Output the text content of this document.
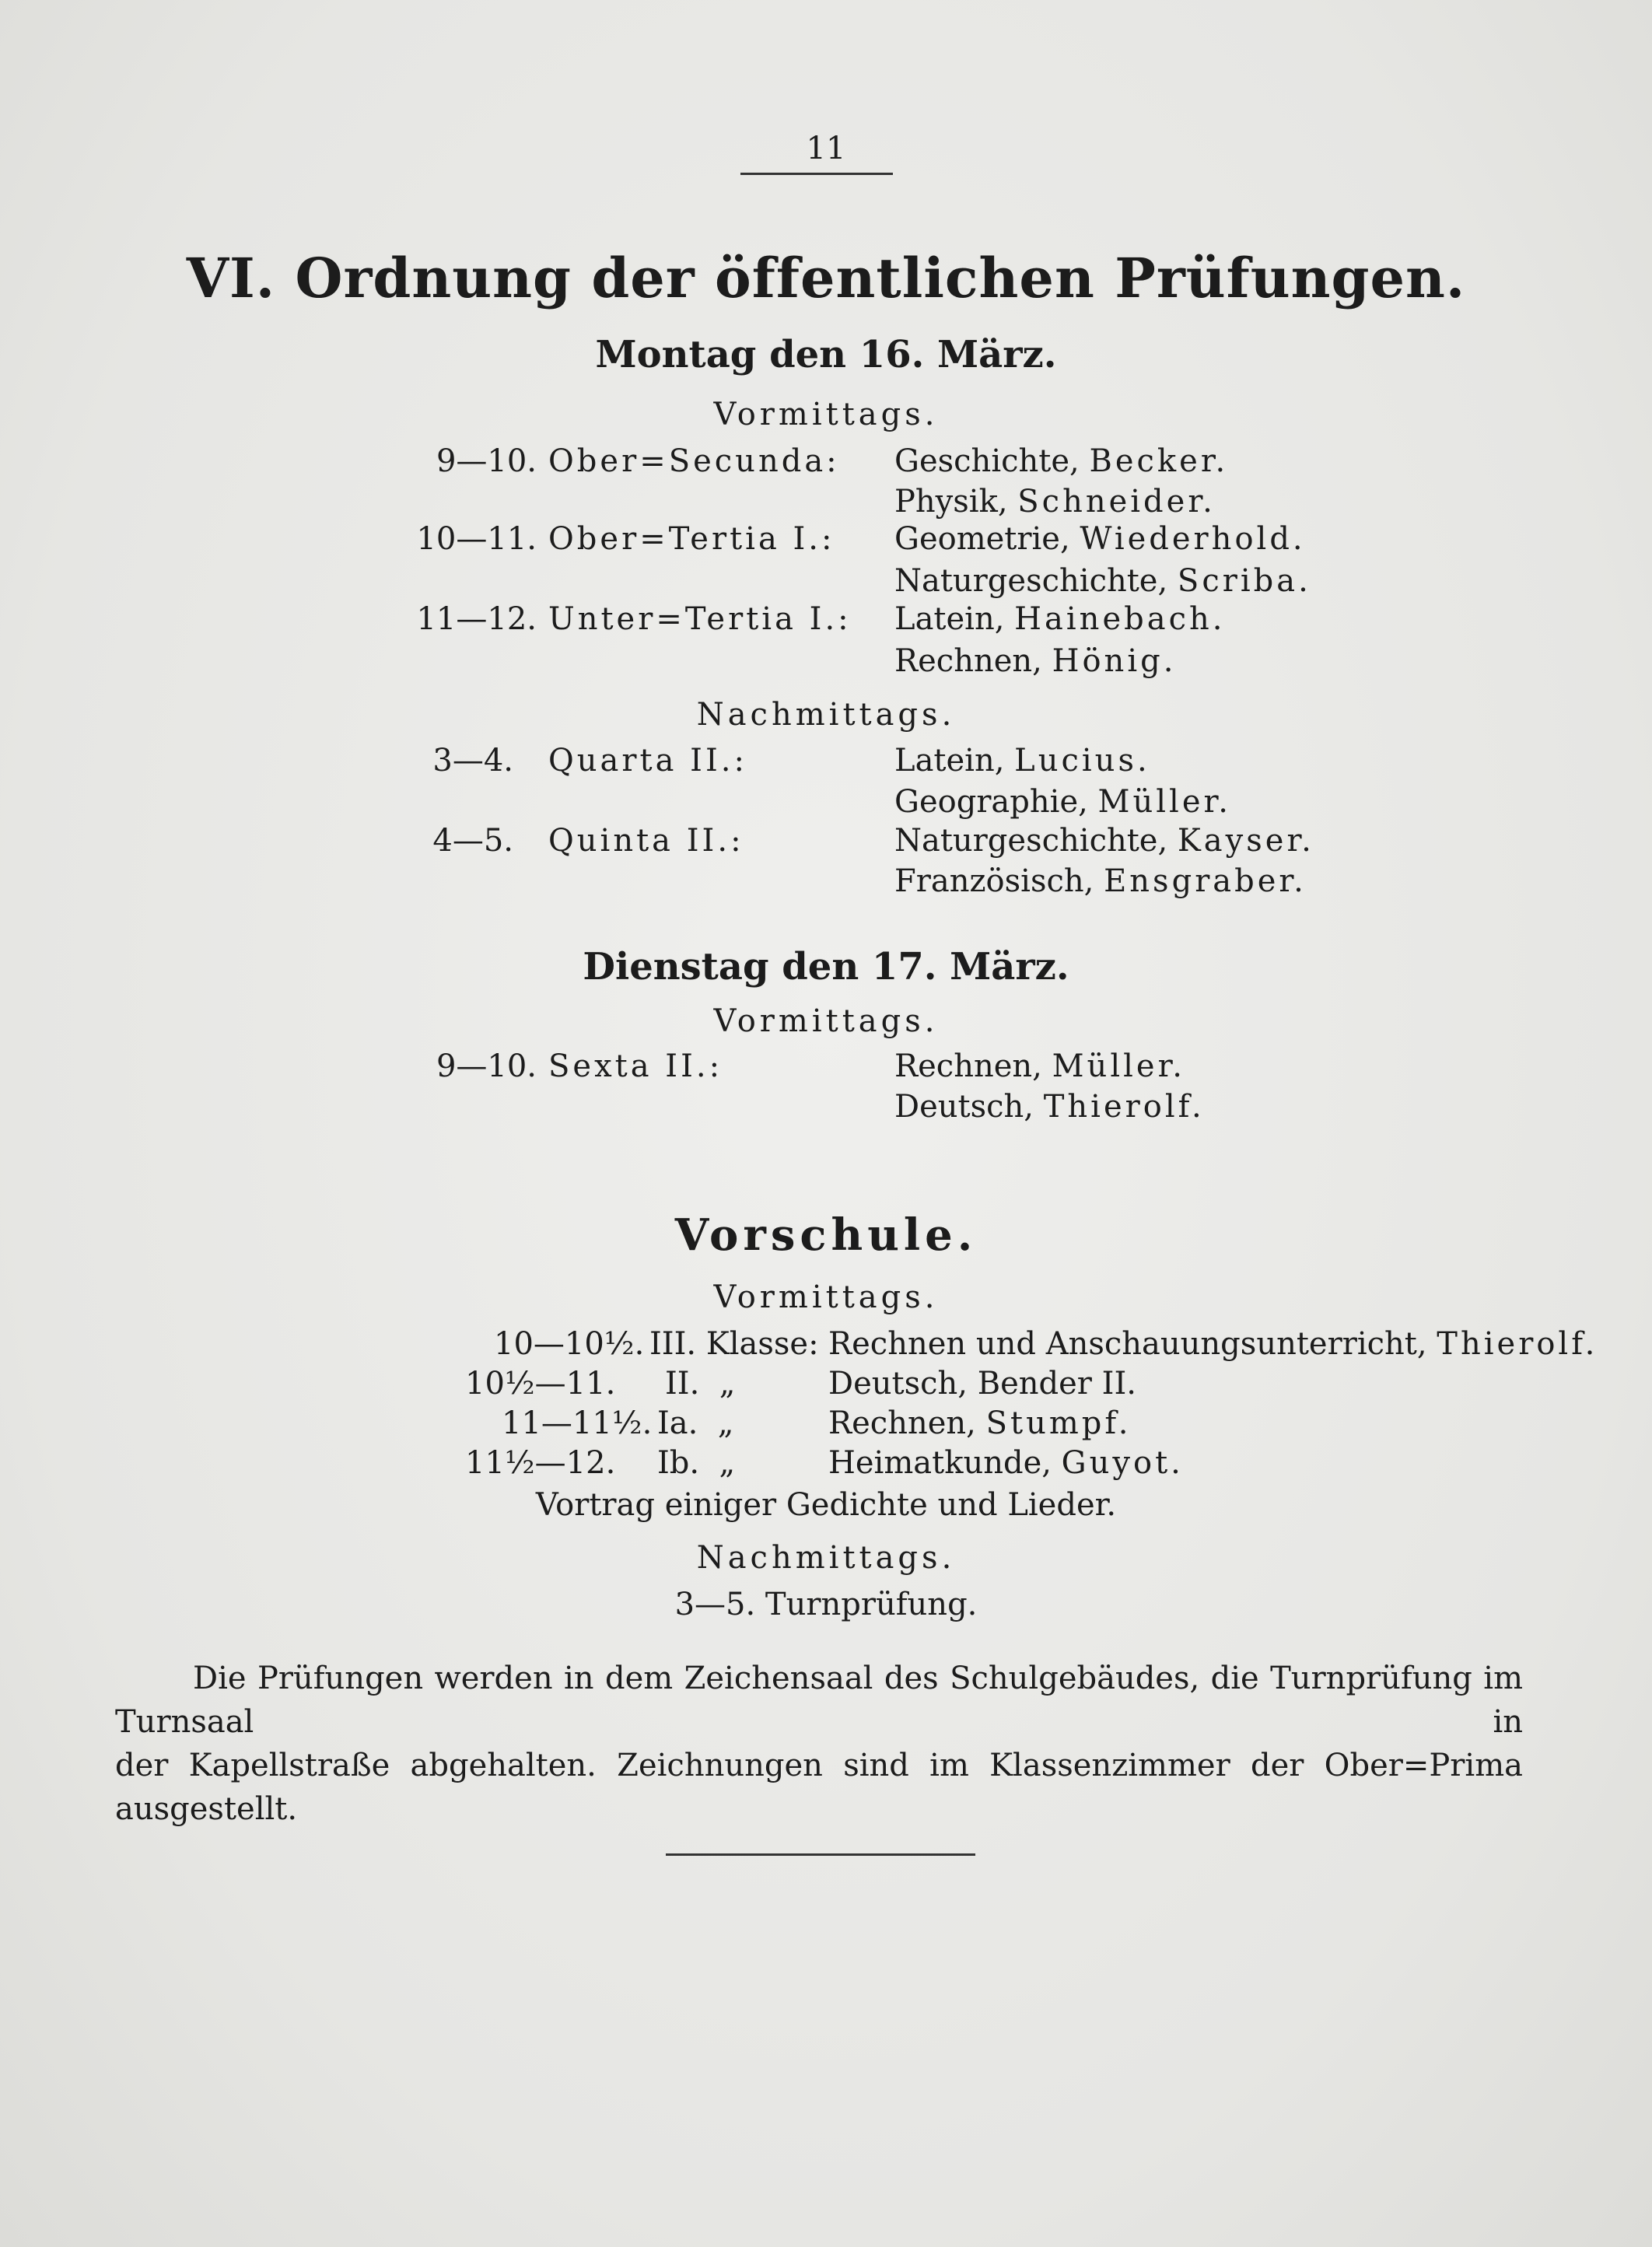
11
VI. Ordnung der öffentlichen Prüfungen.
Montag den 16. März.
Vormittags.
9—10. Ober=Secunda: Geschichte, Becker.
Physik, Schneider.
10—11. Ober=Tertia I.: Geometrie, Wiederhold.
Naturgeschichte, Scriba.
11—12. Unter=Tertia I.: Latein, Hainebach.
Rechnen, Hönig.
Nachmittags.
3—4. Quarta II.:	Latein, Lucius.
Geographie, Müller.
4—5. Quinta II.:	Naturgeschichte, Kayser.
Französisch, Ensgraber.
Dienstag den 17. März.
Vormittags.
9—10. Sexta II.:	Rechnen, Müller.
Deutsch, Thierolf.
Vorschule.
Vormittags.
10—10½. III. Klasse: Rechnen und Anschauungsunterricht, Thierolf.
10½—11. II.  „	Deutsch, Bender II.
11—11½. Ia.  „	Rechnen, Stumpf.
11½—12. Ib.  „	Heimatkunde, Guyot.
Vortrag einiger Gedichte und Lieder.
Nachmittags.
3—5. Turnprüfung.
Die Prüfungen werden in dem Zeichensaal des Schulgebäudes, die Turnprüfung im Turnsaal in
der Kapellstraße abgehalten. Zeichnungen sind im Klassenzimmer der Ober=Prima ausgestellt.
